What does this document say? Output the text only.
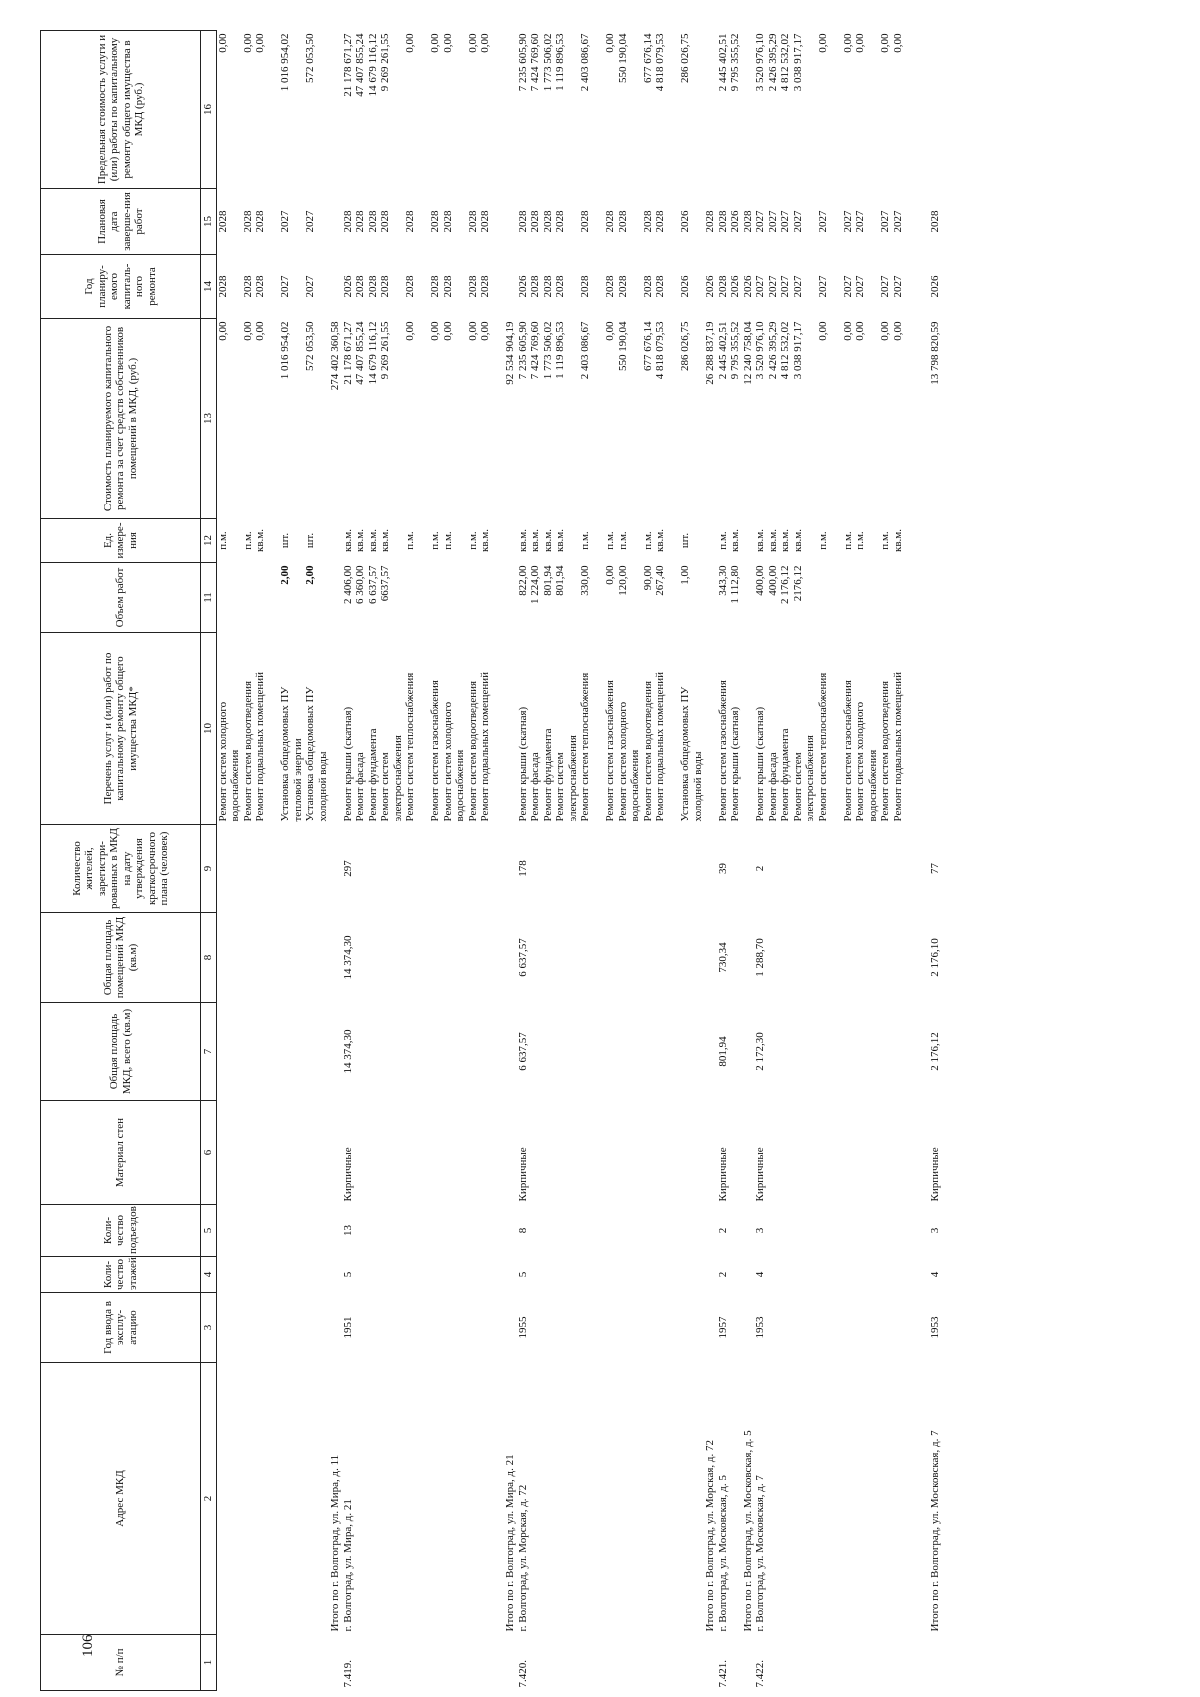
106
№ п/п	Адрес МКД	Год ввода в эксплу-атацию	Коли-чество этажей	Коли-чество подъездов	Материал стен	Общая площадь МКД, всего (кв.м)	Общая площадь помещений МКД (кв.м)	Количество жителей, зарегистри-рованных в МКД на дату утверждения краткосрочного плана (человек)	Перечень услуг и (или) работ по капитальному ремонту общего имущества МКД*	Объем работ	Ед. измере-ния	Стоимость планируемого капитального ремонта за счет средств собственников помещений в МКД, (руб.)	Год планиру-емого капиталь-ного ремонта	Плановая дата заверше-ния работ	Предельная стоимость услуги и (или) работы по капитальному ремонту общего имущества в МКД (руб.)
1	2	3	4	5	6	7	8	9	10	11	12	13	14	15	16
									Ремонт систем холодного		п.м.	0,00	2028	2028	0,00
									водоснабжения						
									Ремонт систем водоотведения		п.м.	0,00	2028	2028	0,00
									Ремонт подвальных помещений		кв.м.	0,00	2028	2028	0,00

									Установка общедомовых ПУ	2,00	шт.	1 016 954,02	2027	2027	1 016 954,02
									тепловой энергии						
									Установка общедомовых ПУ	2,00	шт.	572 053,50	2027	2027	572 053,50
									холодной воды						
	Итого по г. Волгоград, ул. Мира, д. 11											274 402 360,58			
7.419.	г. Волгоград, ул. Мира, д. 21	1951	5	13	Кирпичные	14 374,30	14 374,30	297	Ремонт крыши (скатная)	2 406,00	кв.м.	21 178 671,27	2026	2028	21 178 671,27
									Ремонт фасада	6 360,00	кв.м.	47 407 855,24	2028	2028	47 407 855,24
									Ремонт фундамента	6 637,57	кв.м.	14 679 116,12	2028	2028	14 679 116,12
									Ремонт систем	6637,57	кв.м.	9 269 261,55	2028	2028	9 269 261,55
									электроснабжения						
									Ремонт систем теплоснабжения		п.м.	0,00	2028	2028	0,00

									Ремонт систем газоснабжения		п.м.	0,00	2028	2028	0,00
									Ремонт систем холодного		п.м.	0,00	2028	2028	0,00
									водоснабжения						
									Ремонт систем водоотведения		п.м.	0,00	2028	2028	0,00
									Ремонт подвальных помещений		кв.м.	0,00	2028	2028	0,00

	Итого по г. Волгоград, ул. Мира, д. 21											92 534 904,19			
7.420.	г. Волгоград, ул. Морская, д. 72	1955	5	8	Кирпичные	6 637,57	6 637,57	178	Ремонт крыши (скатная)	822,00	кв.м.	7 235 605,90	2026	2028	7 235 605,90
									Ремонт фасада	1 224,00	кв.м.	7 424 769,60	2028	2028	7 424 769,60
									Ремонт фундамента	801,94	кв.м.	1 773 506,02	2028	2028	1 773 506,02
									Ремонт систем	801,94	кв.м.	1 119 896,53	2028	2028	1 119 896,53
									электроснабжения						
									Ремонт систем теплоснабжения	330,00	п.м.	2 403 086,67	2028	2028	2 403 086,67

									Ремонт систем газоснабжения	0,00	п.м.	0,00	2028	2028	0,00
									Ремонт систем холодного	120,00	п.м.	550 190,04	2028	2028	550 190,04
									водоснабжения						
									Ремонт систем водоотведения	90,00	п.м.	677 676,14	2028	2028	677 676,14
									Ремонт подвальных помещений	267,40	кв.м.	4 818 079,53	2028	2028	4 818 079,53

									Установка общедомовых ПУ	1,00	шт.	286 026,75	2026	2026	286 026,75
									холодной воды						
	Итого по г. Волгоград, ул. Морская, д. 72											26 288 837,19	2026	2028	
7.421.	г. Волгоград, ул. Московская, д. 5	1957	2	2	Кирпичные	801,94	730,34	39	Ремонт систем газоснабжения	343,30	п.м.	2 445 402,51	2028	2028	2 445 402,51
									Ремонт крыши (скатная)	1 112,80	кв.м.	9 795 355,52	2026	2026	9 795 355,52
	Итого по г. Волгоград, ул. Московская, д. 5											12 240 758,04	2026	2028	
7.422.	г. Волгоград, ул. Московская, д. 7	1953	4	3	Кирпичные	2 172,30	1 288,70	2	Ремонт крыши (скатная)	400,00	кв.м.	3 520 976,10	2027	2027	3 520 976,10
									Ремонт фасада	400,00	кв.м.	2 426 395,29	2027	2027	2 426 395,29
									Ремонт фундамента	2 176,12	кв.м.	4 812 532,02	2027	2027	4 812 532,02
									Ремонт систем	2176,12	кв.м.	3 038 917,17	2027	2027	3 038 917,17
									электроснабжения						
									Ремонт систем теплоснабжения		п.м.	0,00	2027	2027	0,00

									Ремонт систем газоснабжения		п.м.	0,00	2027	2027	0,00
									Ремонт систем холодного		п.м.	0,00	2027	2027	0,00
									водоснабжения						
									Ремонт систем водоотведения		п.м.	0,00	2027	2027	0,00
									Ремонт подвальных помещений		кв.м.	0,00	2027	2027	0,00

	Итого по г. Волгоград, ул. Московская, д. 7	1953	4	3	Кирпичные	2 176,12	2 176,10	77				13 798 820,59	2026	2028	
